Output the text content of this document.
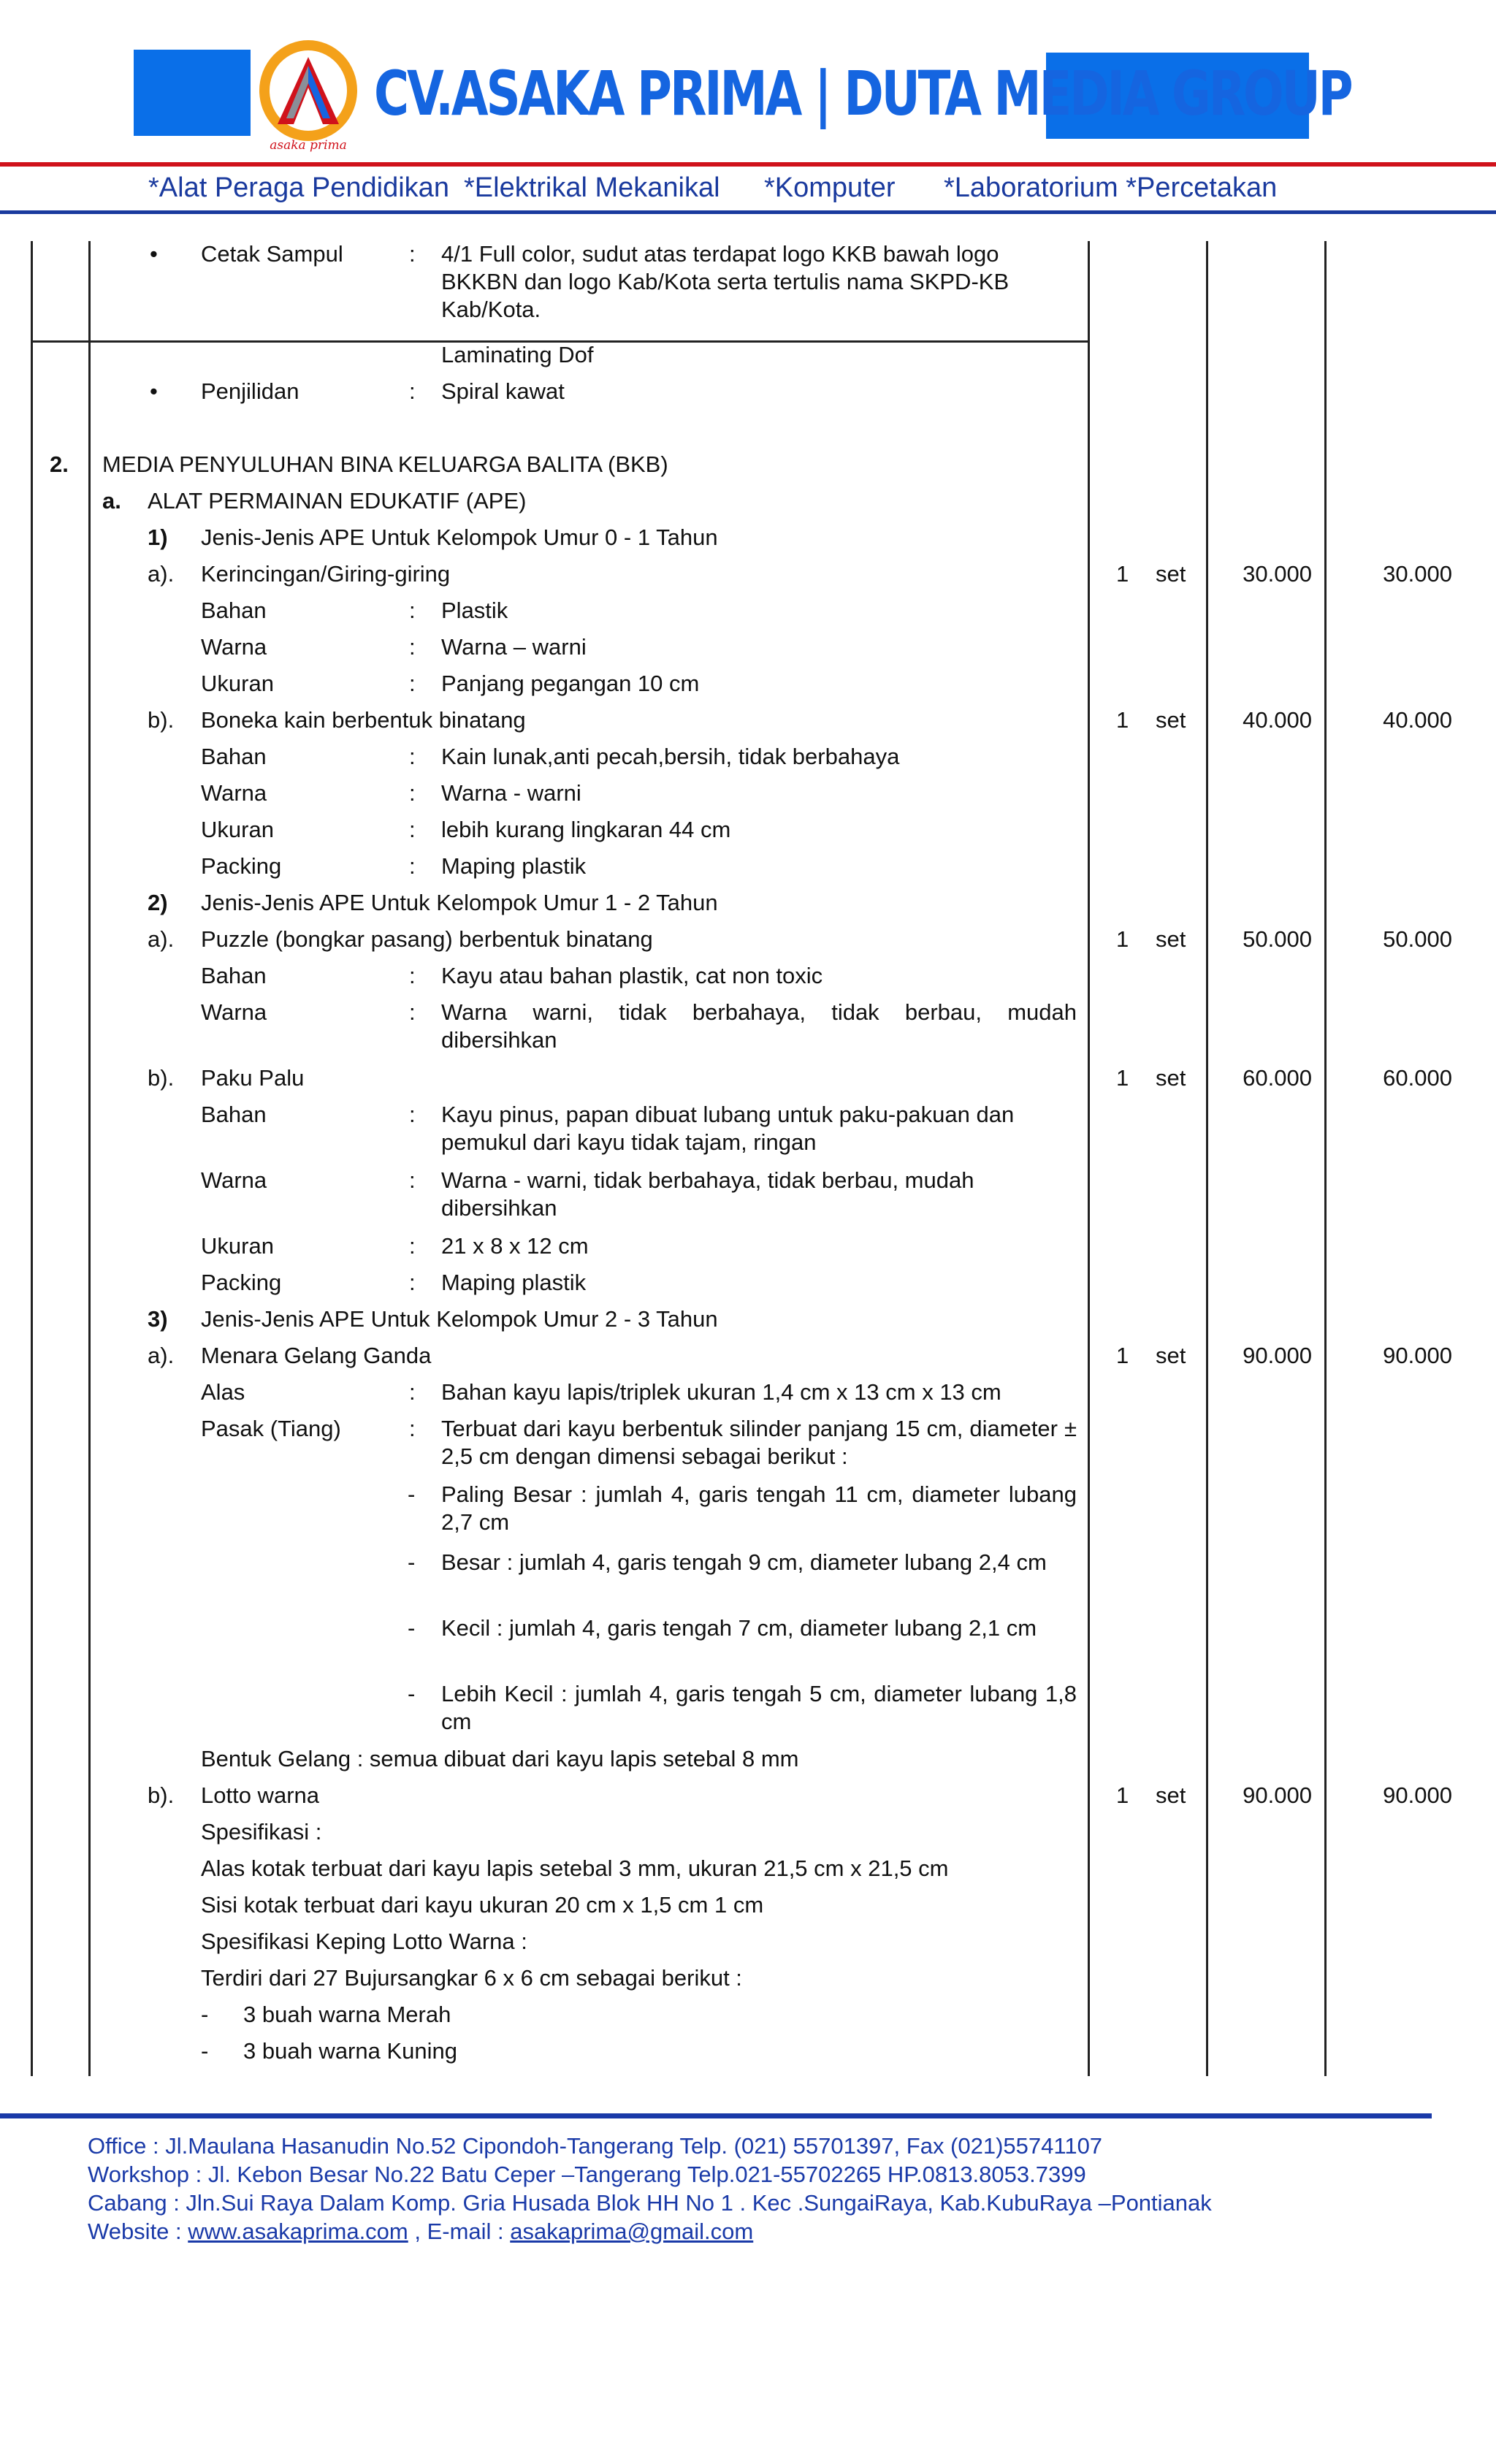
asaka prima
CV.ASAKA PRIMA | DUTA MEDIA GROUP
*Alat Peraga Pendidikan *Elektrikal Mekanikal *Komputer *Laboratorium *Percetakan
• Cetak Sampul	: 4/1 Full color, sudut atas terdapat logo KKB bawah logo BKKBN dan logo Kab/Kota serta tertulis nama SKPD-KB Kab/Kota.
Laminating Dof
• Penjilidan	: Spiral kawat
2. MEDIA PENYULUHAN BINA KELUARGA BALITA (BKB)
a. ALAT PERMAINAN EDUKATIF (APE)
1) Jenis-Jenis APE Untuk Kelompok Umur 0 - 1 Tahun
a). Kerincingan/Giring-giring	1 set	30.000	30.000
Bahan	: Plastik
Warna	: Warna – warni
Ukuran	: Panjang pegangan 10 cm
b). Boneka kain berbentuk binatang	1 set	40.000	40.000
Bahan	: Kain lunak,anti pecah,bersih, tidak berbahaya
Warna	: Warna - warni
Ukuran	: lebih kurang lingkaran 44 cm
Packing	: Maping plastik
2) Jenis-Jenis APE Untuk Kelompok Umur 1 - 2 Tahun
a). Puzzle (bongkar pasang) berbentuk binatang	1 set	50.000	50.000
Bahan	: Kayu atau bahan plastik, cat non toxic
Warna	: Warna warni, tidak berbahaya, tidak berbau, mudah dibersihkan
b). Paku Palu	1 set	60.000	60.000
Bahan	: Kayu pinus, papan dibuat lubang untuk paku-pakuan dan pemukul dari kayu tidak tajam, ringan
Warna	: Warna - warni, tidak berbahaya, tidak berbau, mudah dibersihkan
Ukuran	: 21 x 8 x 12 cm
Packing	: Maping plastik
3) Jenis-Jenis APE Untuk Kelompok Umur 2 - 3 Tahun
a). Menara Gelang Ganda	1 set	90.000	90.000
Alas	: Bahan kayu lapis/triplek ukuran 1,4 cm x 13 cm x 13 cm
Pasak (Tiang)	: Terbuat dari kayu berbentuk silinder panjang 15 cm, diameter ± 2,5 cm dengan dimensi sebagai berikut :
- Paling Besar : jumlah 4, garis tengah 11 cm, diameter lubang 2,7 cm
- Besar : jumlah 4, garis tengah 9 cm, diameter lubang 2,4 cm
- Kecil : jumlah 4, garis tengah 7 cm, diameter lubang 2,1 cm
- Lebih Kecil : jumlah 4, garis tengah 5 cm, diameter lubang 1,8 cm
Bentuk Gelang : semua dibuat dari kayu lapis setebal 8 mm
b). Lotto warna	1 set	90.000	90.000
Spesifikasi :
Alas kotak terbuat dari kayu lapis setebal 3 mm, ukuran 21,5 cm x 21,5 cm
Sisi kotak terbuat dari kayu ukuran 20 cm x 1,5 cm 1 cm
Spesifikasi Keping Lotto Warna :
Terdiri dari 27 Bujursangkar 6 x 6 cm sebagai berikut :
- 3 buah warna Merah
- 3 buah warna Kuning
Office : Jl.Maulana Hasanudin No.52 Cipondoh-Tangerang Telp. (021) 55701397, Fax (021)55741107
Workshop : Jl. Kebon Besar No.22 Batu Ceper –Tangerang Telp.021-55702265 HP.0813.8053.7399
Cabang : Jln.Sui Raya Dalam Komp. Gria Husada Blok HH No 1 . Kec .SungaiRaya, Kab.KubuRaya –Pontianak
Website : www.asakaprima.com , E-mail : asakaprima@gmail.com
